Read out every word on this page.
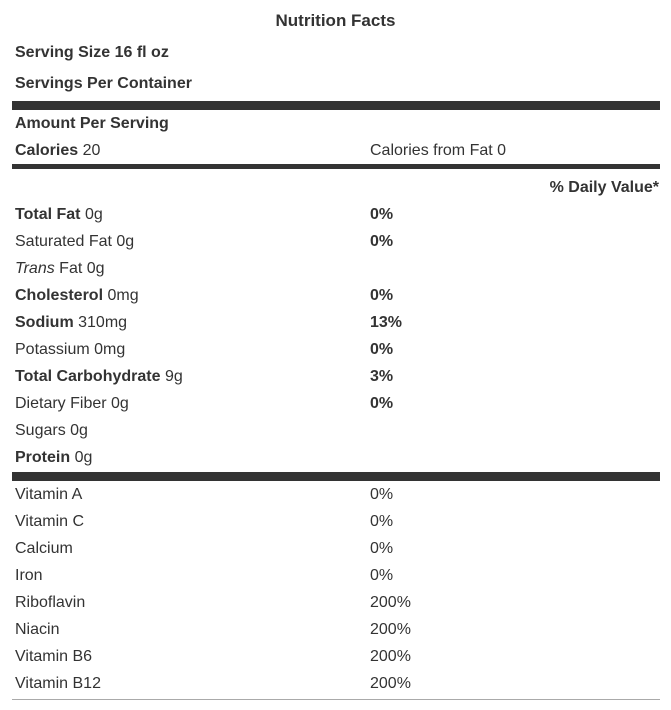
Nutrition Facts
Serving Size 16 fl oz
Servings Per Container
Amount Per Serving
Calories 20	Calories from Fat 0
% Daily Value*
Total Fat 0g	0%
Saturated Fat 0g	0%
Trans Fat 0g
Cholesterol 0mg	0%
Sodium 310mg	13%
Potassium 0mg	0%
Total Carbohydrate 9g	3%
Dietary Fiber 0g	0%
Sugars 0g
Protein 0g
Vitamin A	0%
Vitamin C	0%
Calcium	0%
Iron	0%
Riboflavin	200%
Niacin	200%
Vitamin B6	200%
Vitamin B12	200%
